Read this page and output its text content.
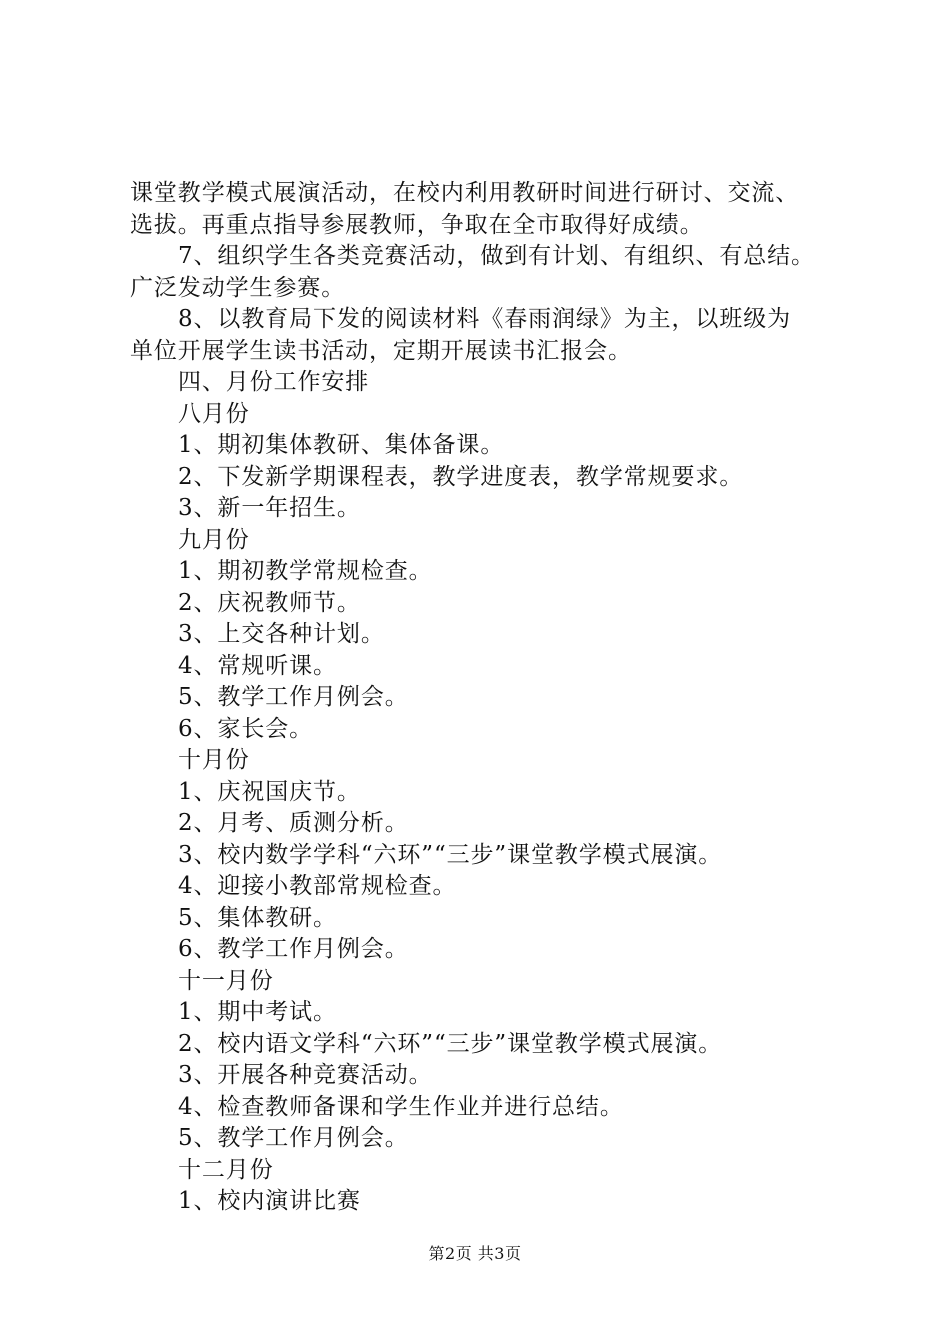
课堂教学模式展演活动，在校内利用教研时间进行研讨、交流、
选拔。再重点指导参展教师，争取在全市取得好成绩。
7、组织学生各类竞赛活动，做到有计划、有组织、有总结。
广泛发动学生参赛。
8、以教育局下发的阅读材料《春雨润绿》为主，以班级为
单位开展学生读书活动，定期开展读书汇报会。
四、月份工作安排
八月份
1、期初集体教研、集体备课。
2、下发新学期课程表，教学进度表，教学常规要求。
3、新一年招生。
九月份
1、期初教学常规检查。
2、庆祝教师节。
3、上交各种计划。
4、常规听课。
5、教学工作月例会。
6、家长会。
十月份
1、庆祝国庆节。
2、月考、质测分析。
3、校内数学学科“六环”“三步”课堂教学模式展演。
4、迎接小教部常规检查。
5、集体教研。
6、教学工作月例会。
十一月份
1、期中考试。
2、校内语文学科“六环”“三步”课堂教学模式展演。
3、开展各种竞赛活动。
4、检查教师备课和学生作业并进行总结。
5、教学工作月例会。
十二月份
1、校内演讲比赛
第2页 共3页
